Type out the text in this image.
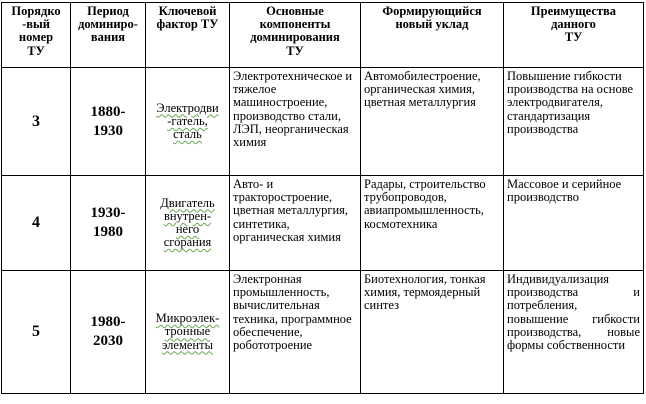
Порядко
-вый
номер
ТУ	Период
доминиро-
вания	Ключевой
фактор ТУ	Основные
компоненты
доминирования
ТУ	Формирующийся
новый уклад	Преимущества
данного
ТУ

3	1880-
1930	Электродви
-гатель,
сталь	Электротехническое и тяжелое машиностроение, производство стали, ЛЭП, неорганическая химия	Автомобилестроение, органическая химия, цветная металлургия	Повышение гибкости производства на основе электродвигателя, стандартизация производства
4	1930-
1980	Двигатель
внутрен-
него
сгорания	Авто- и тракторостроение, цветная металлургия, синтетика, органическая химия	Радары, строительство трубопроводов, авиапромышленность, космотехника	Массовое и серийное производство
5	1980-
2030	Микроэлек-
тронные
элементы	Электронная промышленность, вычислительная техника, программное обеспечение, робототроение	Биотехнология, тонкая химия, термоядерный синтез	Индивидуализация производства и потребления, повышение гибкости производства, новые формы собственности
